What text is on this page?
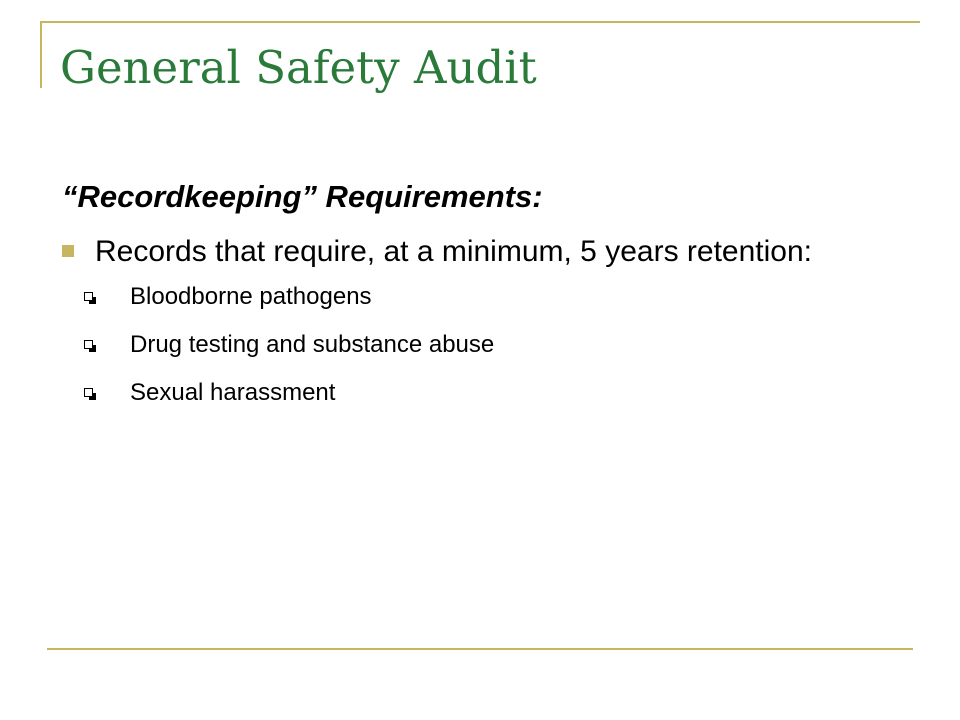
General Safety Audit

“Recordkeeping” Requirements:

Records that require, at a minimum, 5 years retention:
Bloodborne pathogens
Drug testing and substance abuse
Sexual harassment
